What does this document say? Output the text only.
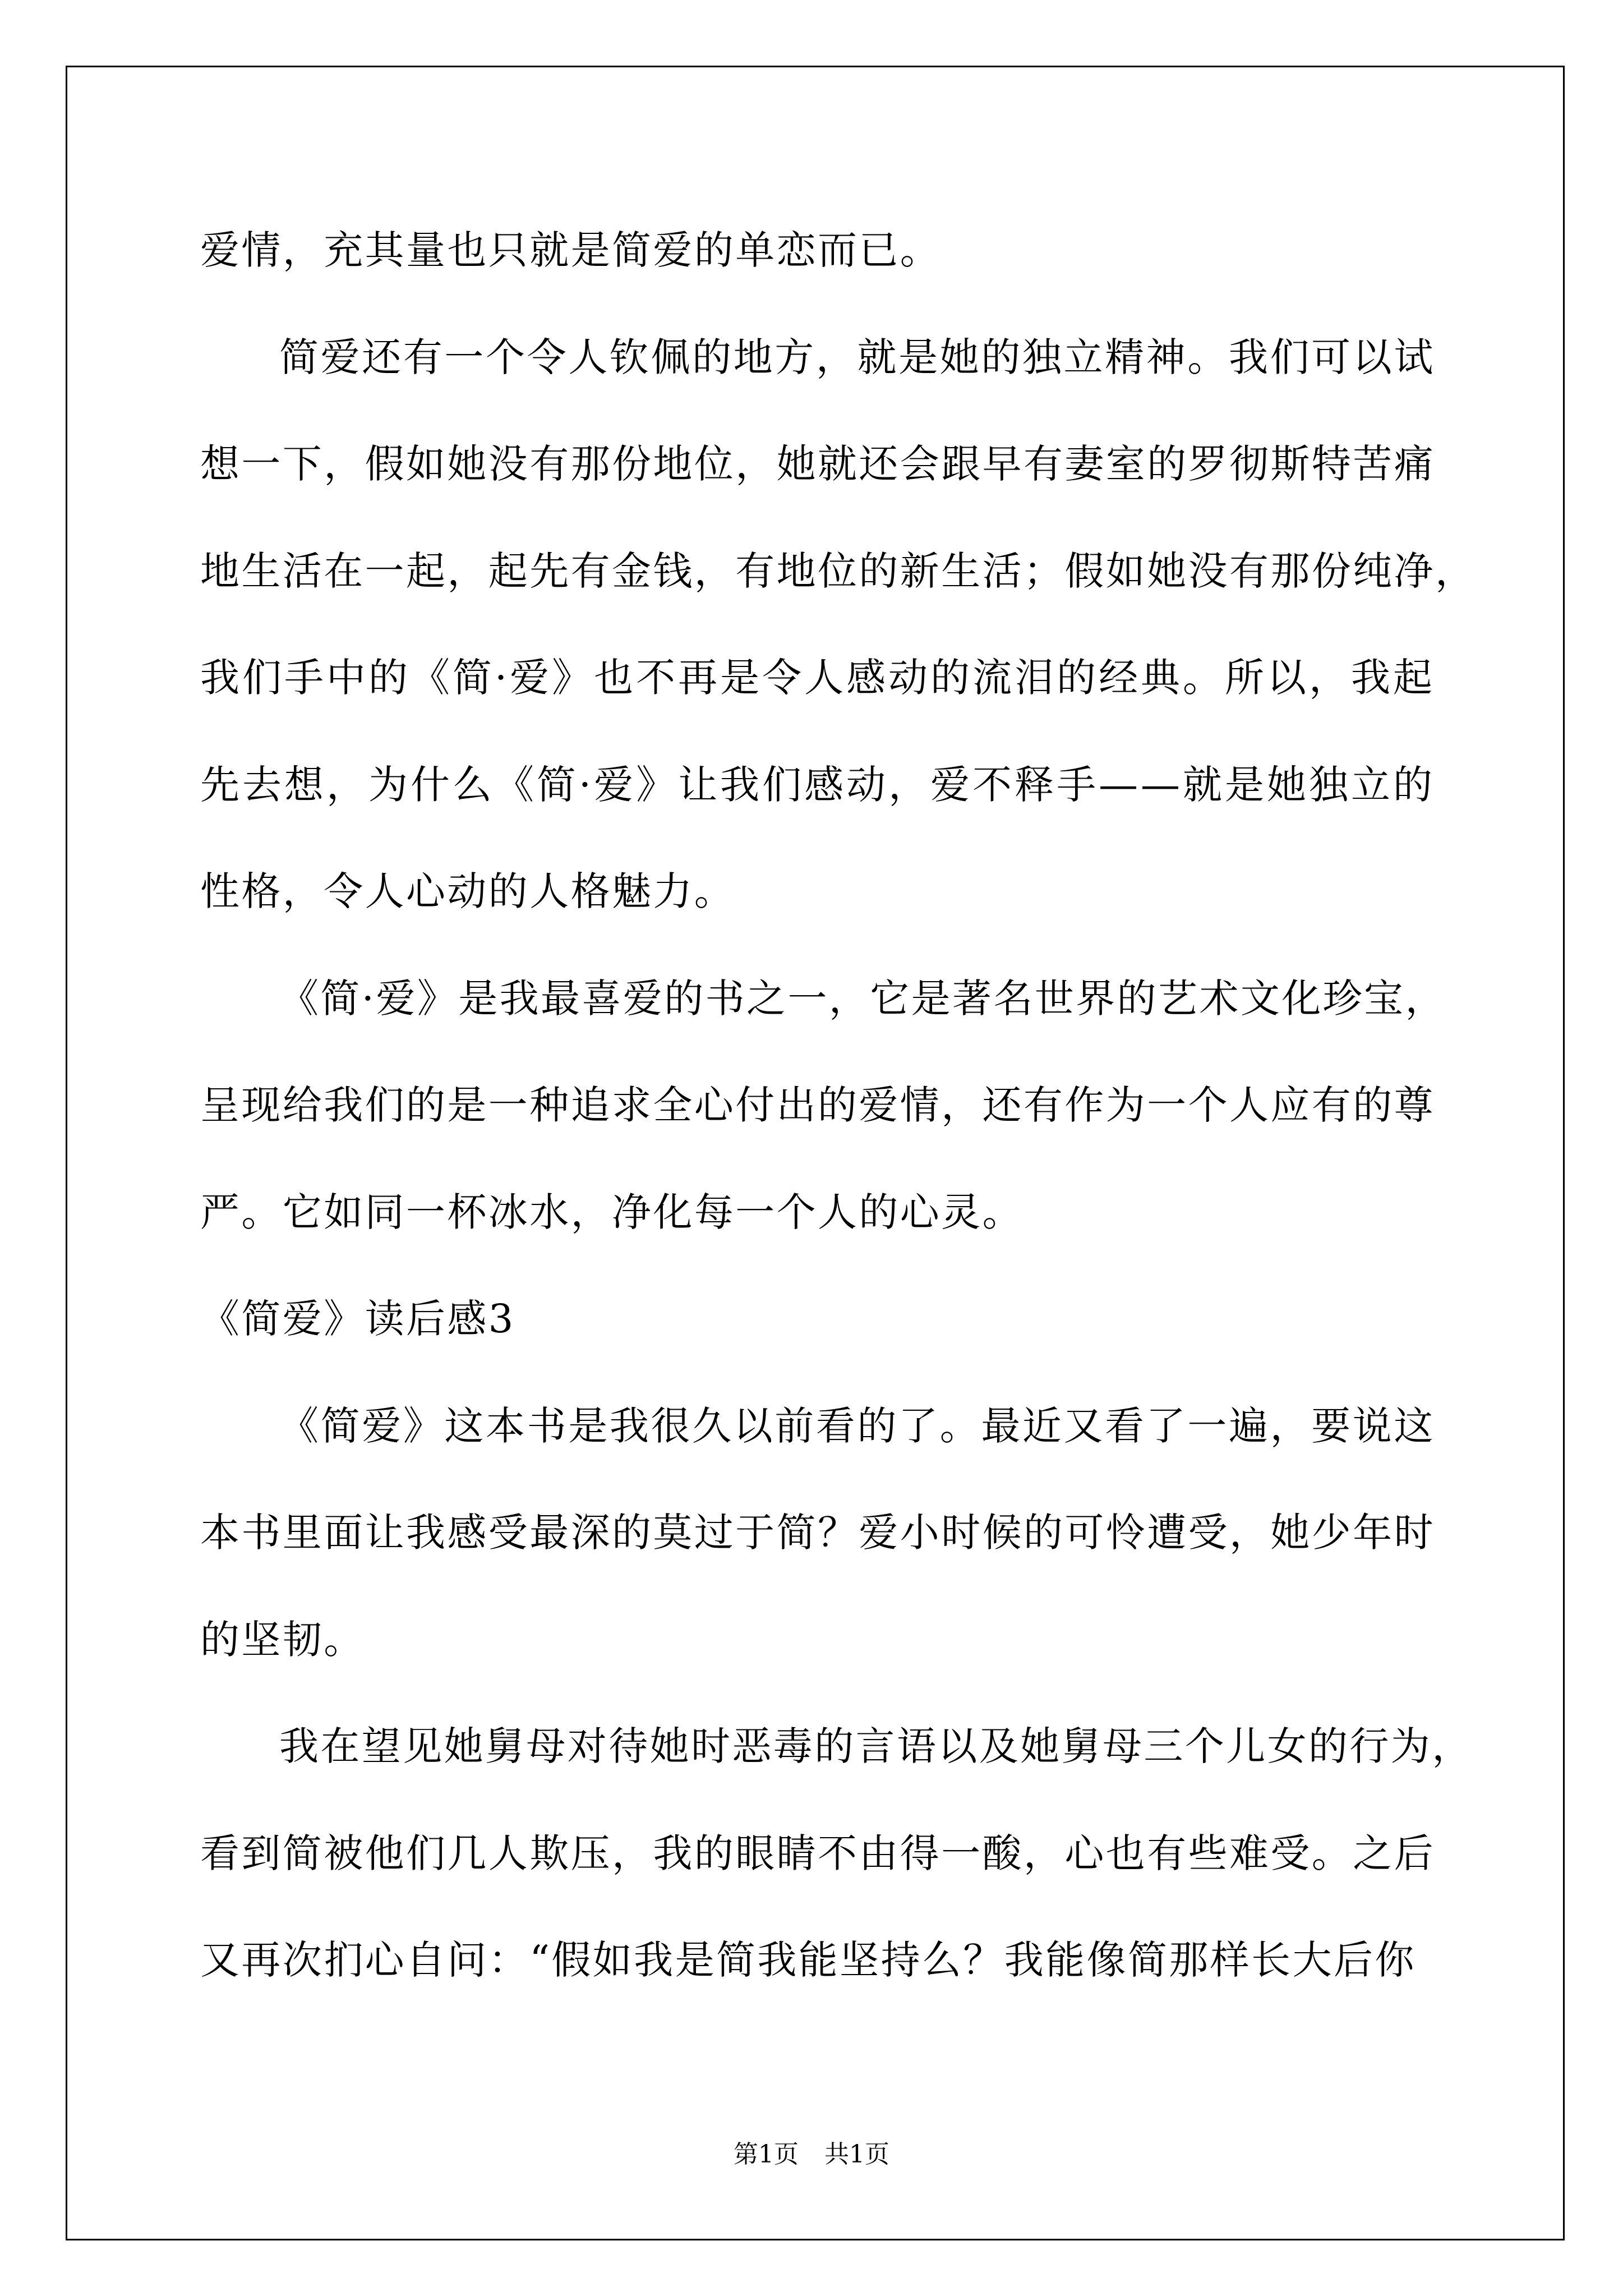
爱情，充其量也只就是简爱的单恋而已。
简爱还有一个令人钦佩的地方，就是她的独立精神。我们可以试
想一下，假如她没有那份地位，她就还会跟早有妻室的罗彻斯特苦痛
地生活在一起，起先有金钱，有地位的新生活；假如她没有那份纯净，
我们手中的《简·爱》也不再是令人感动的流泪的经典。所以，我起
先去想，为什么《简·爱》让我们感动，爱不释手——就是她独立的
性格，令人心动的人格魅力。
《简·爱》是我最喜爱的书之一，它是著名世界的艺术文化珍宝，
呈现给我们的是一种追求全心付出的爱情，还有作为一个人应有的尊
严。它如同一杯冰水，净化每一个人的心灵。
《简爱》读后感3
《简爱》这本书是我很久以前看的了。最近又看了一遍，要说这
本书里面让我感受最深的莫过于简？爱小时候的可怜遭受，她少年时
的坚韧。
我在望见她舅母对待她时恶毒的言语以及她舅母三个儿女的行为，
看到简被他们几人欺压，我的眼睛不由得一酸，心也有些难受。之后
又再次扪心自问：“假如我是简我能坚持么？我能像简那样长大后你
第1页 共1页
